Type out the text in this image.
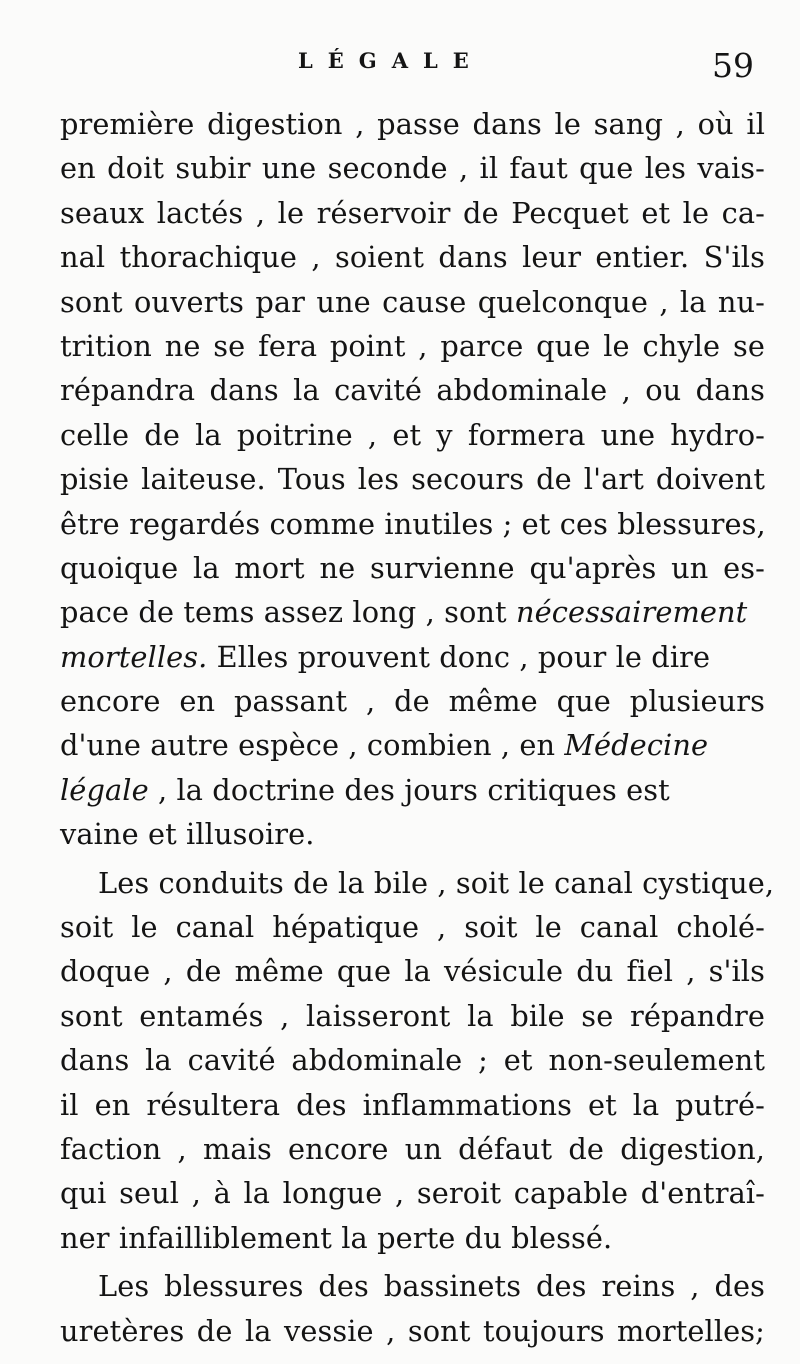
LÉGALE	59
première digestion , passe dans le sang , où il
en doit subir une seconde , il faut que les vais-
seaux lactés , le réservoir de Pecquet et le ca-
nal thorachique , soient dans leur entier. S'ils
sont ouverts par une cause quelconque , la nu-
trition ne se fera point , parce que le chyle se
répandra dans la cavité abdominale , ou dans
celle de la poitrine , et y formera une hydro-
pisie laiteuse. Tous les secours de l'art doivent
être regardés comme inutiles ; et ces blessures,
quoique la mort ne survienne qu'après un es-
pace de tems assez long , sont nécessairement
mortelles. Elles prouvent donc , pour le dire
encore en passant , de même que plusieurs
d'une autre espèce , combien , en Médecine
légale , la doctrine des jours critiques est
vaine et illusoire.
Les conduits de la bile , soit le canal cystique,
soit le canal hépatique , soit le canal cholé-
doque , de même que la vésicule du fiel , s'ils
sont entamés , laisseront la bile se répandre
dans la cavité abdominale ; et non-seulement
il en résultera des inflammations et la putré-
faction , mais encore un défaut de digestion,
qui seul , à la longue , seroit capable d'entraî-
ner infailliblement la perte du blessé.
Les blessures des bassinets des reins , des
uretères de la vessie , sont toujours mortelles;
